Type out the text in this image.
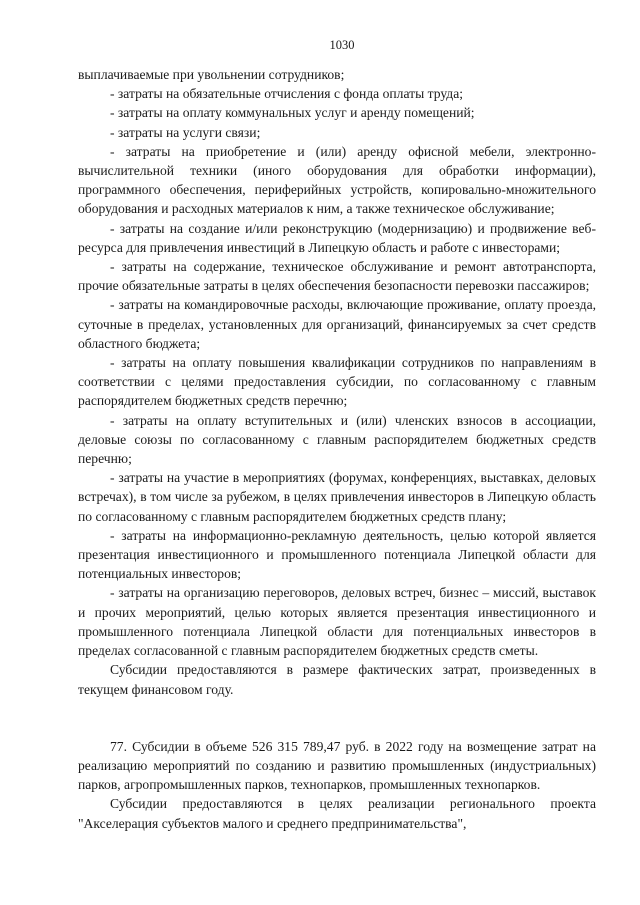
1030

выплачиваемые при увольнении сотрудников;

- затраты на обязательные отчисления с фонда оплаты труда;

- затраты на оплату коммунальных услуг и аренду помещений;

- затраты на услуги связи;

- затраты на приобретение и (или) аренду офисной мебели, электронно-вычислительной техники (иного оборудования для обработки информации), программного обеспечения, периферийных устройств, копировально-множительного оборудования и расходных материалов к ним, а также техническое обслуживание;

- затраты на создание и/или реконструкцию (модернизацию) и продвижение веб-ресурса для привлечения инвестиций в Липецкую область и работе с инвесторами;

- затраты на содержание, техническое обслуживание и ремонт автотранспорта, прочие обязательные затраты в целях обеспечения безопасности перевозки пассажиров;

- затраты на командировочные расходы, включающие проживание, оплату проезда, суточные в пределах, установленных для организаций, финансируемых за счет средств областного бюджета;

- затраты на оплату повышения квалификации сотрудников по направлениям в соответствии с целями предоставления субсидии, по согласованному с главным распорядителем бюджетных средств перечню;

- затраты на оплату вступительных и (или) членских взносов в ассоциации, деловые союзы по согласованному с главным распорядителем бюджетных средств перечню;

- затраты на участие в мероприятиях (форумах, конференциях, выставках, деловых встречах), в том числе за рубежом, в целях привлечения инвесторов в Липецкую область по согласованному с главным распорядителем бюджетных средств плану;

- затраты на информационно-рекламную деятельность, целью которой является презентация инвестиционного и промышленного потенциала Липецкой области для потенциальных инвесторов;

- затраты на организацию переговоров, деловых встреч, бизнес – миссий, выставок и прочих мероприятий, целью которых является презентация инвестиционного и промышленного потенциала Липецкой области для потенциальных инвесторов в пределах согласованной с главным распорядителем бюджетных средств сметы.

Субсидии предоставляются в размере фактических затрат, произведенных в текущем финансовом году.

77. Субсидии в объеме 526 315 789,47 руб. в 2022 году на возмещение затрат на реализацию мероприятий по созданию и развитию промышленных (индустриальных) парков, агропромышленных парков, технопарков, промышленных технопарков.

Субсидии предоставляются в целях реализации регионального проекта "Акселерация субъектов малого и среднего предпринимательства",
